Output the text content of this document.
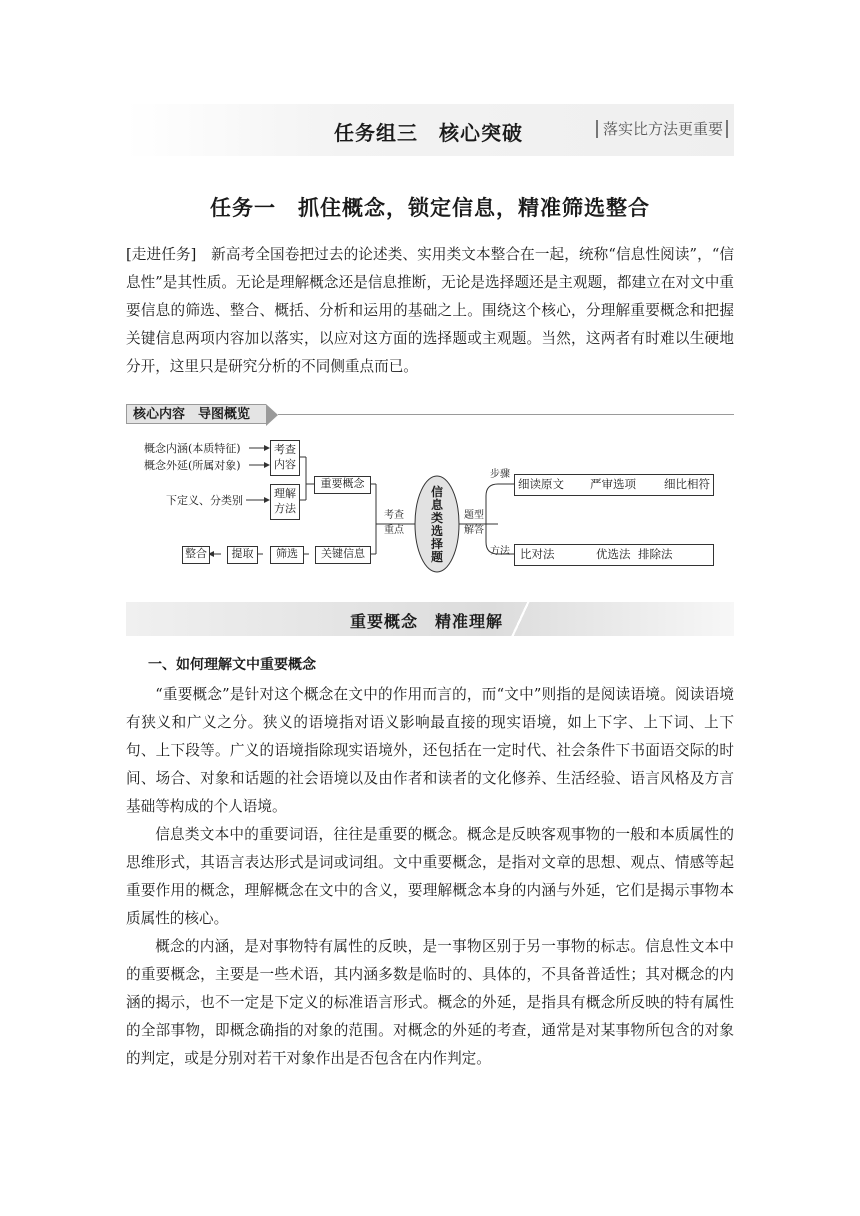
任务组三　核心突破	落实比方法更重要
任务一　抓住概念，锁定信息，精准筛选整合

[走进任务]　新高考全国卷把过去的论述类、实用类文本整合在一起，统称“信息性阅读”，“信息性”是其性质。无论是理解概念还是信息推断，无论是选择题还是主观题，都建立在对文中重要信息的筛选、整合、概括、分析和运用的基础之上。围绕这个核心，分理解重要概念和把握关键信息两项内容加以落实，以应对这方面的选择题或主观题。当然，这两者有时难以生硬地分开，这里只是研究分析的不同侧重点而已。

核心内容　导图概览
概念内涵(本质特征)
概念外延(所属对象)
下定义、分类别
考查内容
理解方法
重要概念
关键信息
筛选
提取
整合
考查重点
信息类选择题
题型解答
步骤
方法
细读原文 严审选项 细比相符
比对法	优选法 排除法
重要概念　精准理解
一、如何理解文中重要概念

“重要概念”是针对这个概念在文中的作用而言的，而“文中”则指的是阅读语境。阅读语境有狭义和广义之分。狭义的语境指对语义影响最直接的现实语境，如上下字、上下词、上下句、上下段等。广义的语境指除现实语境外，还包括在一定时代、社会条件下书面语交际的时间、场合、对象和话题的社会语境以及由作者和读者的文化修养、生活经验、语言风格及方言基础等构成的个人语境。

信息类文本中的重要词语，往往是重要的概念。概念是反映客观事物的一般和本质属性的思维形式，其语言表达形式是词或词组。文中重要概念，是指对文章的思想、观点、情感等起重要作用的概念，理解概念在文中的含义，要理解概念本身的内涵与外延，它们是揭示事物本质属性的核心。

概念的内涵，是对事物特有属性的反映，是一事物区别于另一事物的标志。信息性文本中的重要概念，主要是一些术语，其内涵多数是临时的、具体的，不具备普适性；其对概念的内涵的揭示，也不一定是下定义的标准语言形式。概念的外延，是指具有概念所反映的特有属性的全部事物，即概念确指的对象的范围。对概念的外延的考查，通常是对某事物所包含的对象的判定，或是分别对若干对象作出是否包含在内作判定。
